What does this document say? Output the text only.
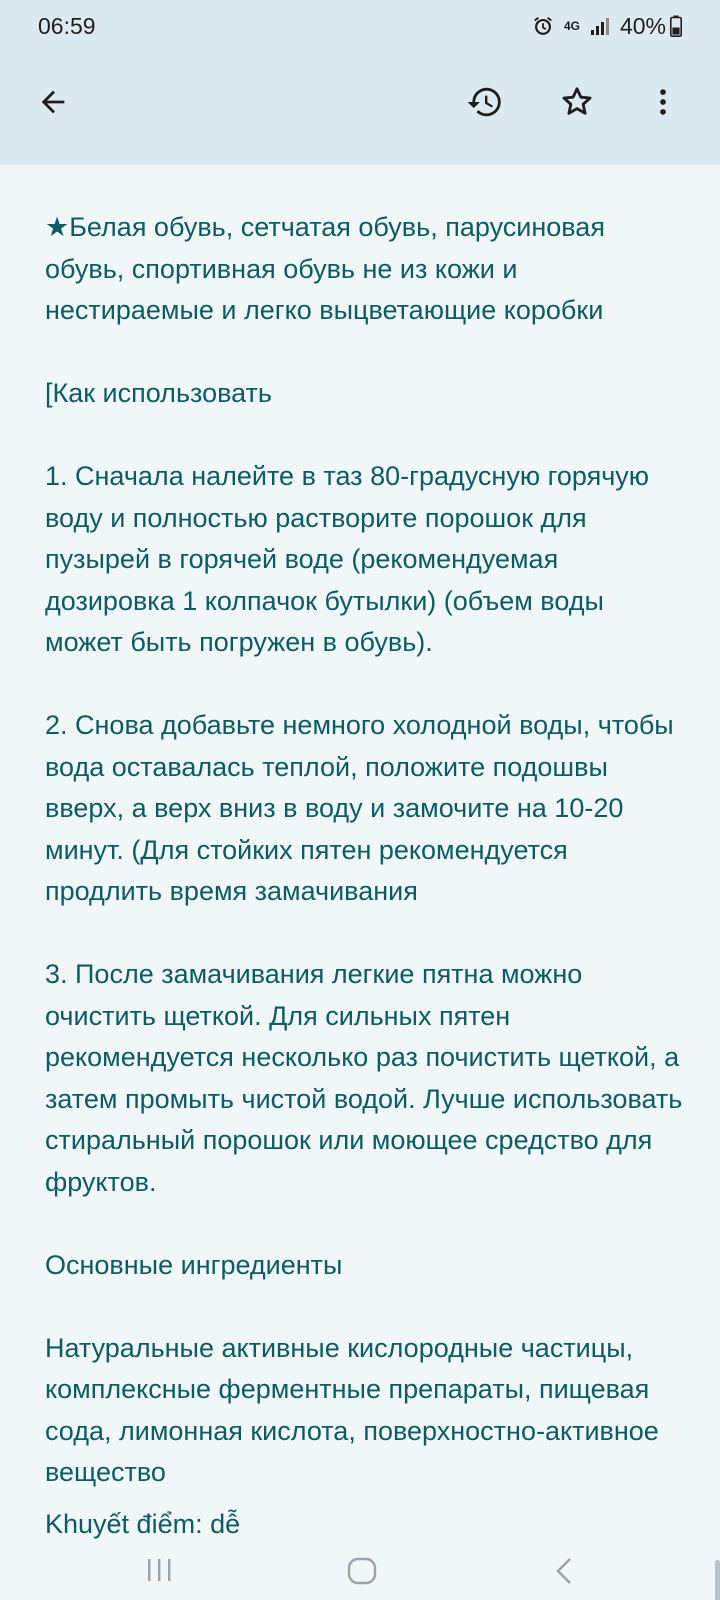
06:59	4G 40%

★Белая обувь, сетчатая обувь, парусиновая обувь, спортивная обувь не из кожи и нестираемые и легко выцветающие коробки

[Как использовать

1. Сначала налейте в таз 80-градусную горячую воду и полностью растворите порошок для пузырей в горячей воде (рекомендуемая дозировка 1 колпачок бутылки) (объем воды может быть погружен в обувь).

2. Снова добавьте немного холодной воды, чтобы вода оставалась теплой, положите подошвы вверх, а верх вниз в воду и замочите на 10-20 минут. (Для стойких пятен рекомендуется продлить время замачивания

3. После замачивания легкие пятна можно очистить щеткой. Для сильных пятен рекомендуется несколько раз почистить щеткой, а затем промыть чистой водой. Лучше использовать стиральный порошок или моющее средство для фруктов.

Основные ингредиенты

Натуральные активные кислородные частицы, комплексные ферментные препараты, пищевая сода, лимонная кислота, поверхностно-активное вещество

Khuyết điểm: dễ
